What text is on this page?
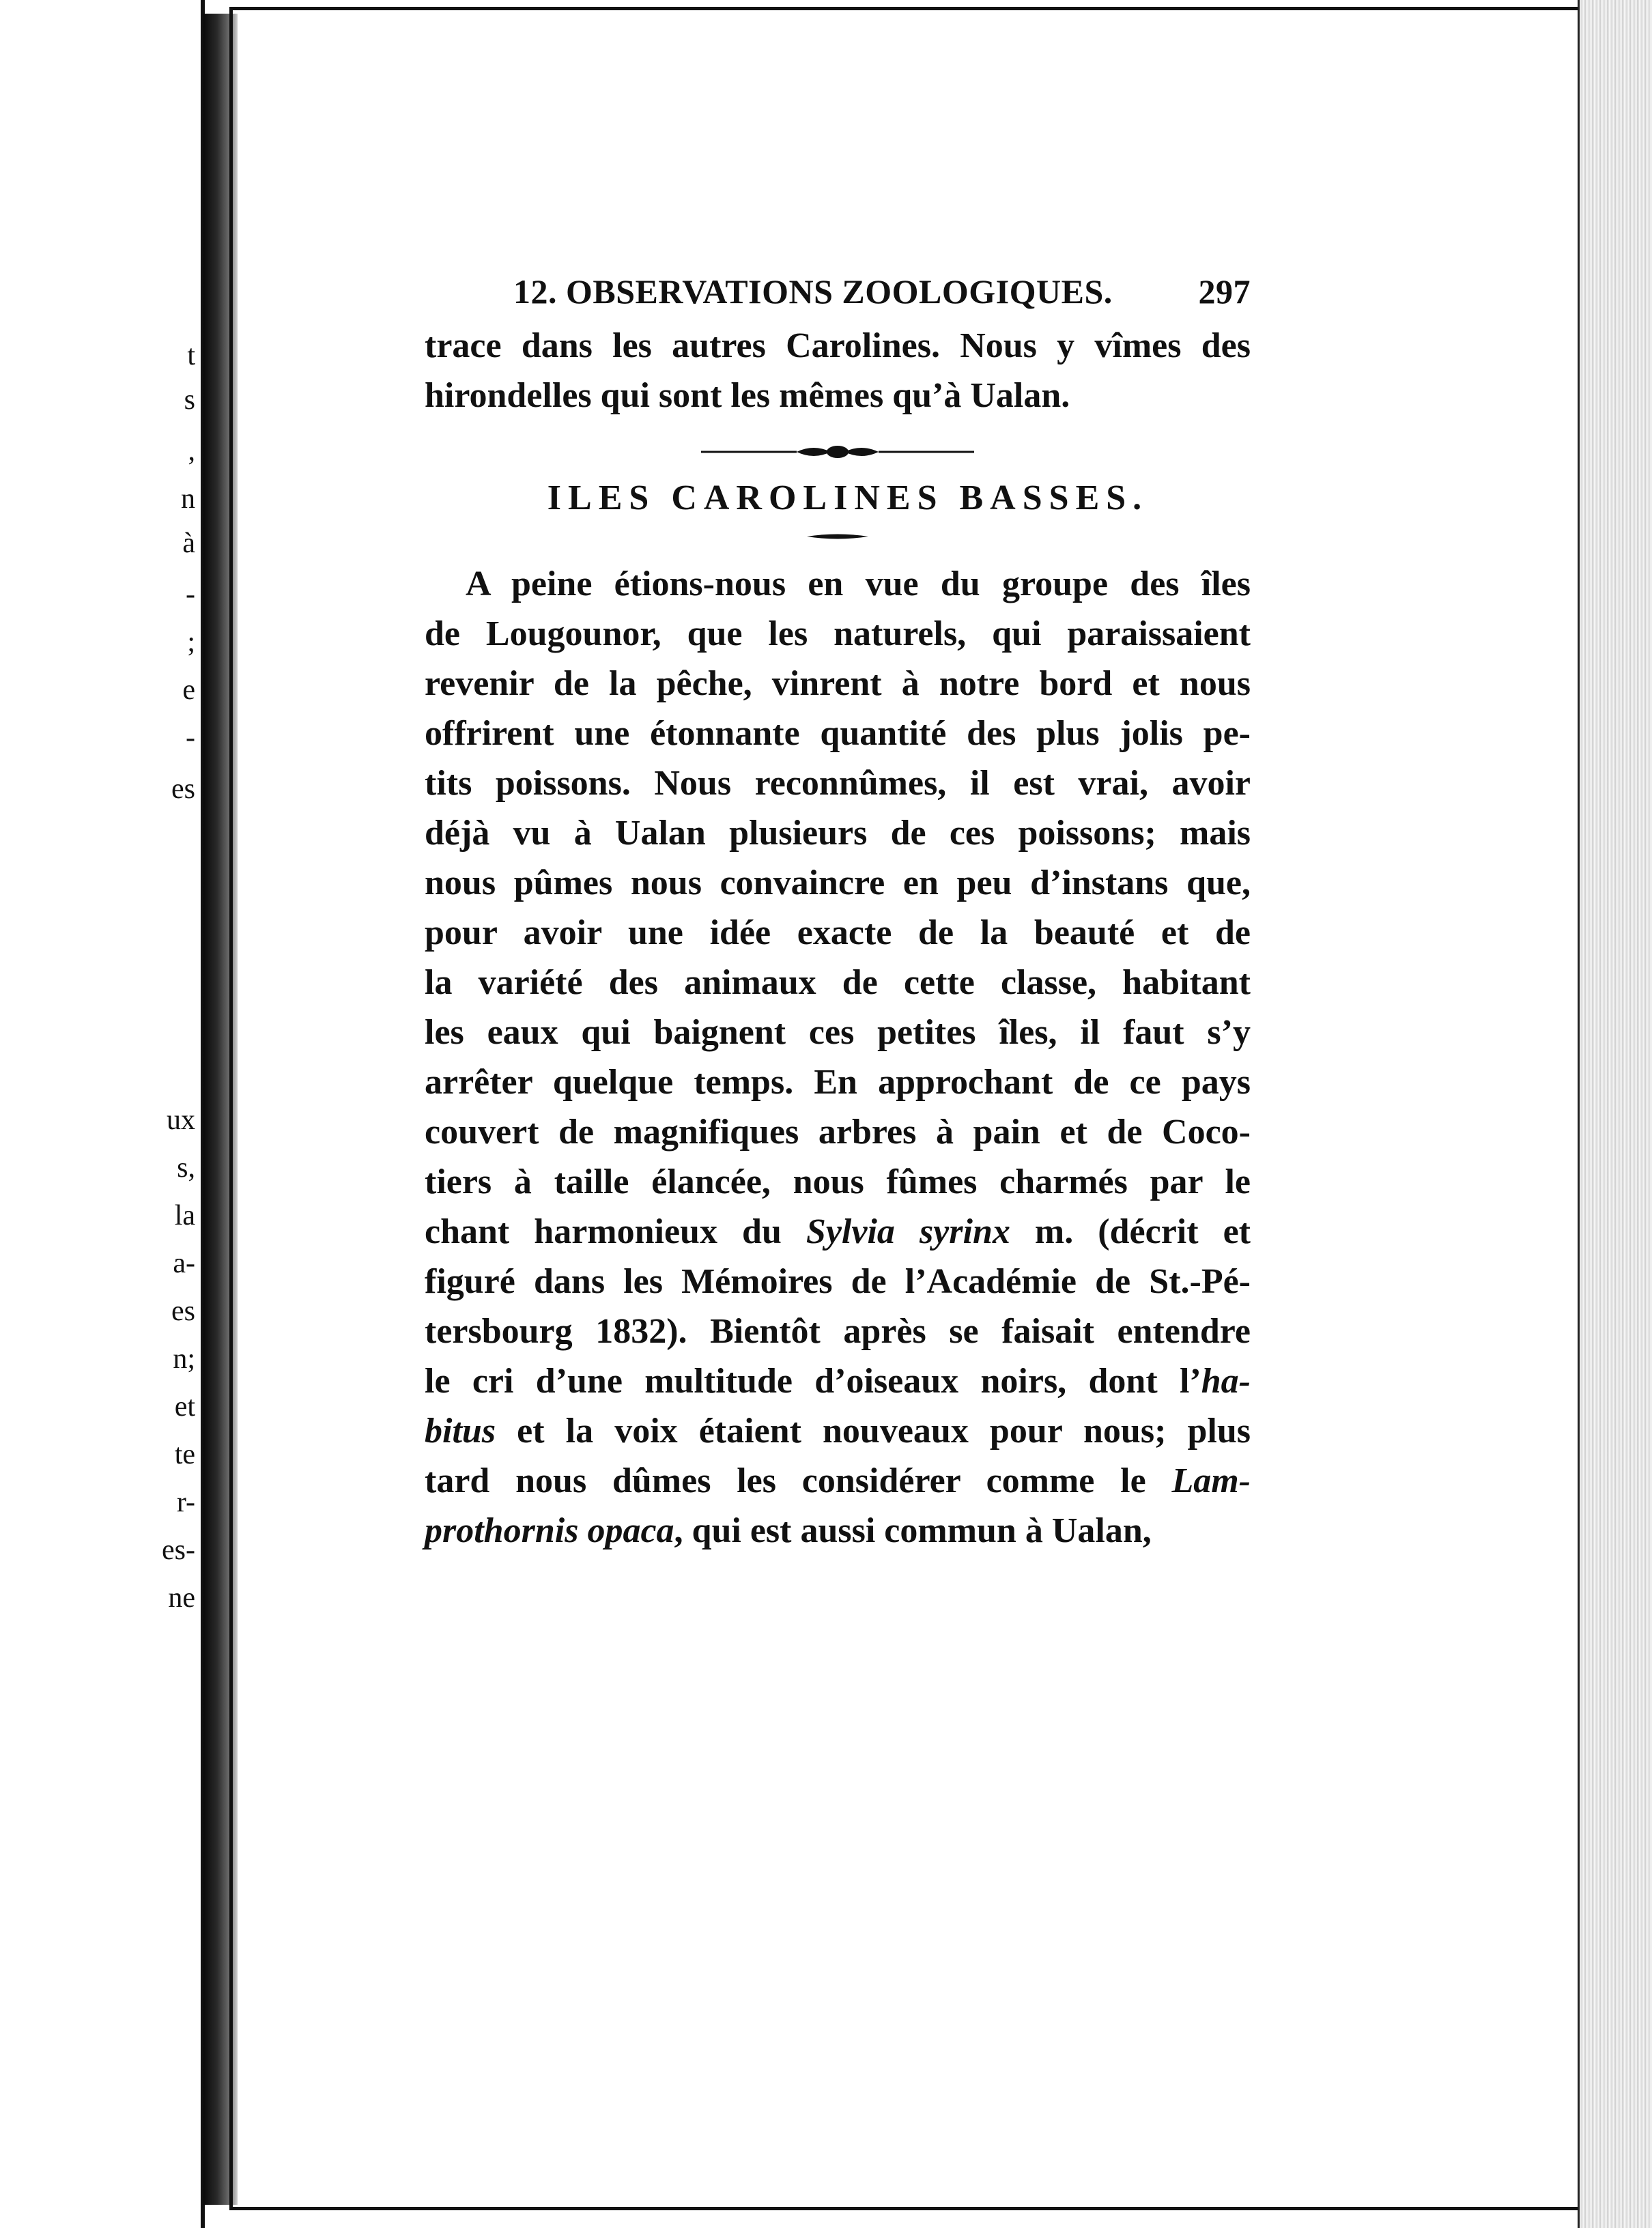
t
s
,
n
à
-
;
e
-
es
ux
s,
la
a-
es
n;
et
te
r-
es-
ne
12. OBSERVATIONS ZOOLOGIQUES.	297

trace dans les autres Carolines. Nous y vîmes des
hirondelles qui sont les mêmes qu’à Ualan.

ILES CAROLINES BASSES.

A peine étions-nous en vue du groupe des îles
de Lougounor, que les naturels, qui paraissaient
revenir de la pêche, vinrent à notre bord et nous
offrirent une étonnante quantité des plus jolis pe-
tits poissons. Nous reconnûmes, il est vrai, avoir
déjà vu à Ualan plusieurs de ces poissons; mais
nous pûmes nous convaincre en peu d’instans que,
pour avoir une idée exacte de la beauté et de
la variété des animaux de cette classe, habitant
les eaux qui baignent ces petites îles, il faut s’y
arrêter quelque temps. En approchant de ce pays
couvert de magnifiques arbres à pain et de Coco-
tiers à taille élancée, nous fûmes charmés par le
chant harmonieux du Sylvia syrinx m. (décrit et
figuré dans les Mémoires de l’Académie de St.-Pé-
tersbourg 1832). Bientôt après se faisait entendre
le cri d’une multitude d’oiseaux noirs, dont l’ha-
bitus et la voix étaient nouveaux pour nous; plus
tard nous dûmes les considérer comme le Lam-
prothornis opaca, qui est aussi commun à Ualan,
